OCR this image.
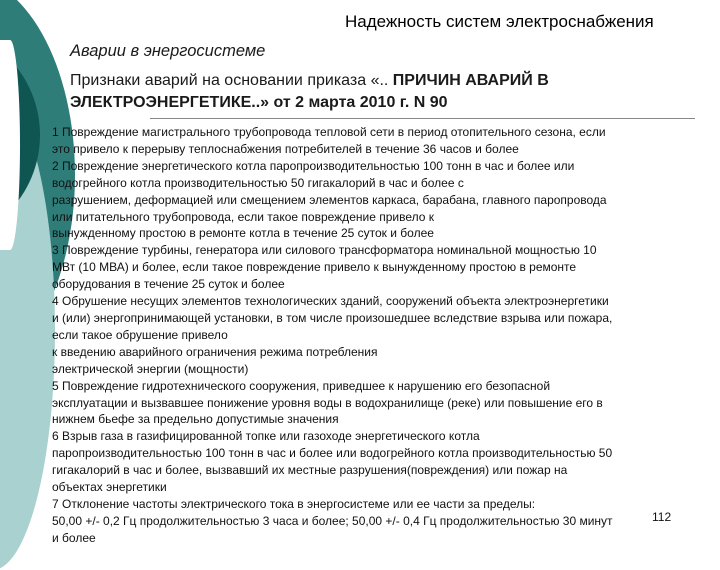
Надежность систем электроснабжения
Аварии в энергосистеме
Признаки аварий на основании приказа «.. ПРИЧИН АВАРИЙ В
ЭЛЕКТРОЭНЕРГЕТИКЕ..» от 2 марта 2010 г. N 90
1 Повреждение магистрального трубопровода тепловой сети в период отопительного сезона, если
это привело к перерыву теплоснабжения потребителей в течение 36 часов и более
2 Повреждение энергетического котла паропроизводительностью 100 тонн в час и более или
водогрейного котла производительностью 50 гигакалорий в час и более с
разрушением, деформацией или смещением элементов каркаса, барабана, главного паропровода
или питательного трубопровода, если такое повреждение привело к
вынужденному простою в ремонте котла в течение 25 суток и более
3 Повреждение турбины, генератора или силового трансформатора номинальной мощностью 10
МВт (10 МВА) и более, если такое повреждение привело к вынужденному простою в ремонте
оборудования в течение 25 суток и более
4 Обрушение несущих элементов технологических зданий, сооружений объекта электроэнергетики
и (или) энергопринимающей установки, в том числе произошедшее вследствие взрыва или пожара,
если такое обрушение привело
к введению аварийного ограничения режима потребления
электрической энергии (мощности)
5 Повреждение гидротехнического сооружения, приведшее к нарушению его безопасной
эксплуатации и вызвавшее понижение уровня воды в водохранилище (реке) или повышение его в
нижнем бьефе за предельно допустимые значения
6 Взрыв газа в газифицированной топке или газоходе энергетического котла
паропроизводительностью 100 тонн в час и более или водогрейного котла производительностью 50
гигакалорий в час и более, вызвавший их местные разрушения(повреждения) или пожар на
объектах энергетики
7 Отклонение частоты электрического тока в энергосистеме или ее части за пределы:
50,00 +/- 0,2 Гц продолжительностью 3 часа и более; 50,00 +/- 0,4 Гц продолжительностью 30 минут
и более
112
